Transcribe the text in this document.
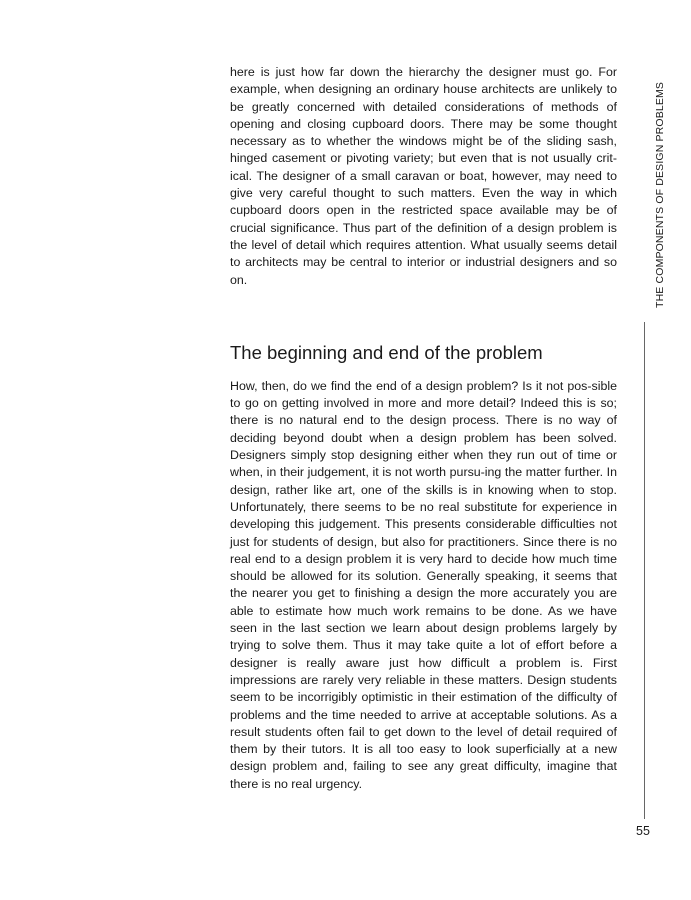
here is just how far down the hierarchy the designer must go. For example, when designing an ordinary house architects are unlikely to be greatly concerned with detailed considerations of methods of opening and closing cupboard doors. There may be some thought necessary as to whether the windows might be of the sliding sash, hinged casement or pivoting variety; but even that is not usually crit-ical. The designer of a small caravan or boat, however, may need to give very careful thought to such matters. Even the way in which cupboard doors open in the restricted space available may be of crucial significance. Thus part of the definition of a design problem is the level of detail which requires attention. What usually seems detail to architects may be central to interior or industrial designers and so on.

The beginning and end of the problem

How, then, do we find the end of a design problem? Is it not pos-sible to go on getting involved in more and more detail? Indeed this is so; there is no natural end to the design process. There is no way of deciding beyond doubt when a design problem has been solved. Designers simply stop designing either when they run out of time or when, in their judgement, it is not worth pursu-ing the matter further. In design, rather like art, one of the skills is in knowing when to stop. Unfortunately, there seems to be no real substitute for experience in developing this judgement. This presents considerable difficulties not just for students of design, but also for practitioners. Since there is no real end to a design problem it is very hard to decide how much time should be allowed for its solution. Generally speaking, it seems that the nearer you get to finishing a design the more accurately you are able to estimate how much work remains to be done. As we have seen in the last section we learn about design problems largely by trying to solve them. Thus it may take quite a lot of effort before a designer is really aware just how difficult a problem is. First impressions are rarely very reliable in these matters. Design students seem to be incorrigibly optimistic in their estimation of the difficulty of problems and the time needed to arrive at acceptable solutions. As a result students often fail to get down to the level of detail required of them by their tutors. It is all too easy to look superficially at a new design problem and, failing to see any great difficulty, imagine that there is no real urgency.

THE COMPONENTS OF DESIGN PROBLEMS
55
